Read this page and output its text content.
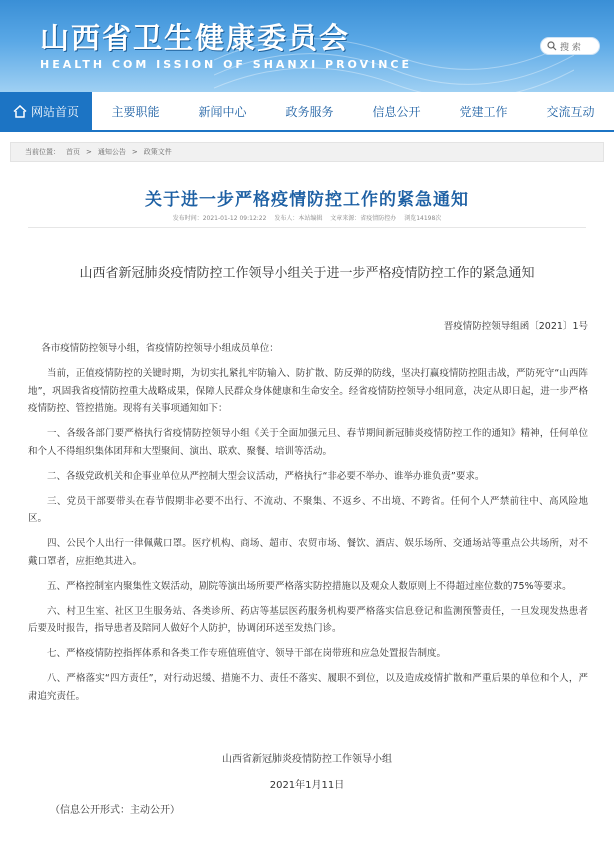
山西省卫生健康委员会
HEALTH COM ISSION OF SHANXI PROVINCE
搜 索
网站首页	主要职能	新闻中心	政务服务	信息公开	党建工作	交流互动
当前位置： 首页 > 通知公告 > 政策文件
关于进一步严格疫情防控工作的紧急通知
发布时间：2021-01-12 09:12:22 发布人：本站编辑 文章来源：省疫情防控办 浏览14198次
山西省新冠肺炎疫情防控工作领导小组关于进一步严格疫情防控工作的紧急通知
晋疫情防控领导组函〔2021〕1号

各市疫情防控领导小组，省疫情防控领导小组成员单位：

当前，正值疫情防控的关键时期，为切实扎紧扎牢防输入、防扩散、防反弹的防线，坚决打赢疫情防控阻击战，严防死守“山西阵地”，巩固我省疫情防控重大战略成果，保障人民群众身体健康和生命安全。经省疫情防控领导小组同意，决定从即日起，进一步严格疫情防控、管控措施。现将有关事项通知如下：

一、各级各部门要严格执行省疫情防控领导小组《关于全面加强元旦、春节期间新冠肺炎疫情防控工作的通知》精神，任何单位和个人不得组织集体团拜和大型聚间、演出、联欢、聚餐、培训等活动。

二、各级党政机关和企事业单位从严控制大型会议活动，严格执行“非必要不举办、谁举办谁负责”要求。

三、党员干部要带头在春节假期非必要不出行、不流动、不聚集、不返乡、不出境、不跨省。任何个人严禁前往中、高风险地区。

四、公民个人出行一律佩戴口罩。医疗机构、商场、超市、农贸市场、餐饮、酒店、娱乐场所、交通场站等重点公共场所，对不戴口罩者，应拒绝其进入。

五、严格控制室内聚集性文娱活动，剧院等演出场所要严格落实防控措施以及观众人数原则上不得超过座位数的75%等要求。

六、村卫生室、社区卫生服务站、各类诊所、药店等基层医药服务机构要严格落实信息登记和监测预警责任，一旦发现发热患者后要及时报告，指导患者及陪同人做好个人防护，协调闭环送至发热门诊。

七、严格疫情防控指挥体系和各类工作专班值班值守、领导干部在岗带班和应急处置报告制度。

八、严格落实“四方责任”，对行动迟缓、措施不力、责任不落实、履职不到位，以及造成疫情扩散和严重后果的单位和个人，严肃追究责任。

山西省新冠肺炎疫情防控工作领导小组
2021年1月11日
（信息公开形式：主动公开）
